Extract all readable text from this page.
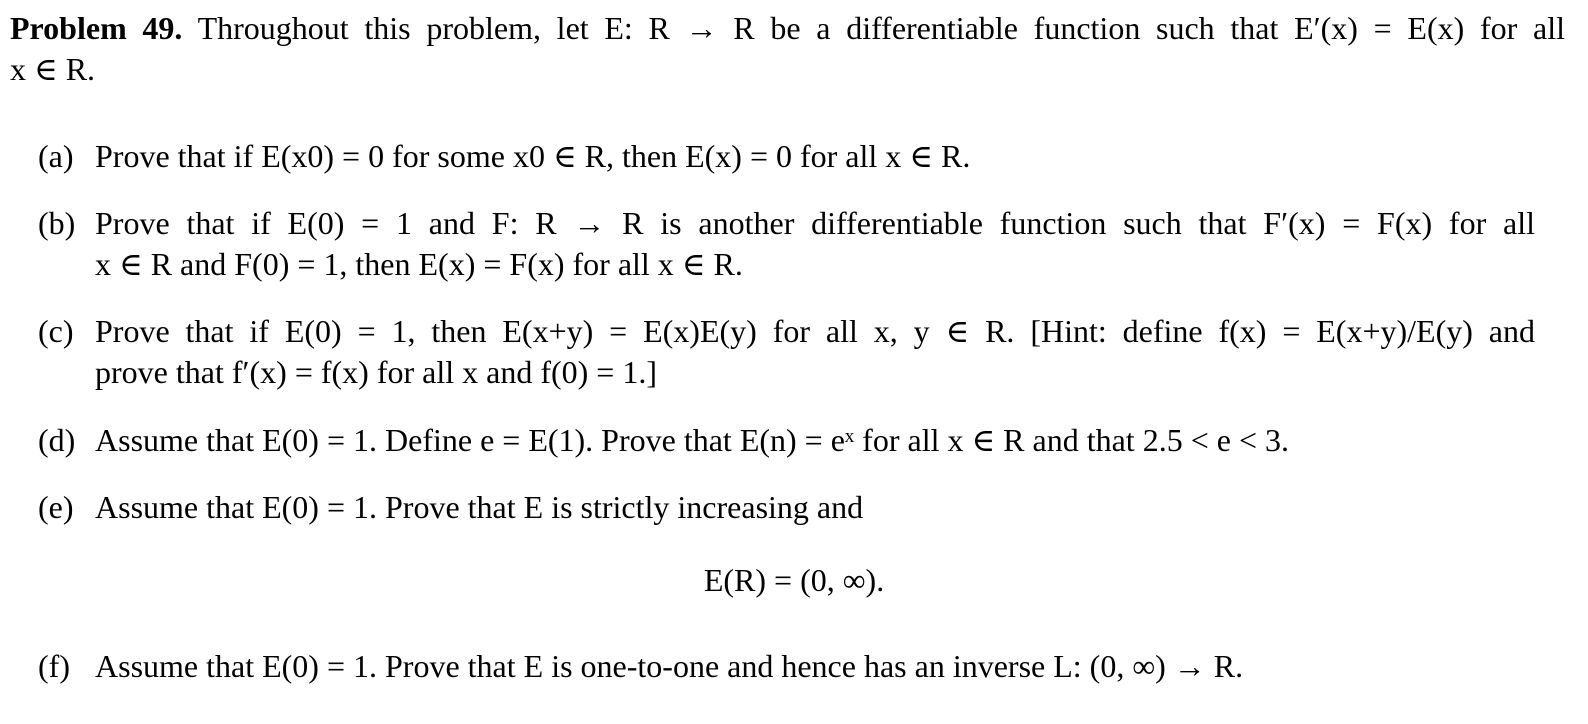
Problem 49. Throughout this problem, let E: R → R be a differentiable function such that E′(x) = E(x) for all
x ∈ R.
(a) Prove that if E(x0) = 0 for some x0 ∈ R, then E(x) = 0 for all x ∈ R.
(b) Prove that if E(0) = 1 and F: R → R is another differentiable function such that F′(x) = F(x) for all
x ∈ R and F(0) = 1, then E(x) = F(x) for all x ∈ R.
(c) Prove that if E(0) = 1, then E(x+y) = E(x)E(y) for all x, y ∈ R. [Hint: define f(x) = E(x+y)/E(y) and
prove that f′(x) = f(x) for all x and f(0) = 1.]
(d) Assume that E(0) = 1. Define e = E(1). Prove that E(n) = eˣ for all x ∈ R and that 2.5 < e < 3.
(e) Assume that E(0) = 1. Prove that E is strictly increasing and
E(R) = (0, ∞).
(f) Assume that E(0) = 1. Prove that E is one-to-one and hence has an inverse L: (0, ∞) → R.
